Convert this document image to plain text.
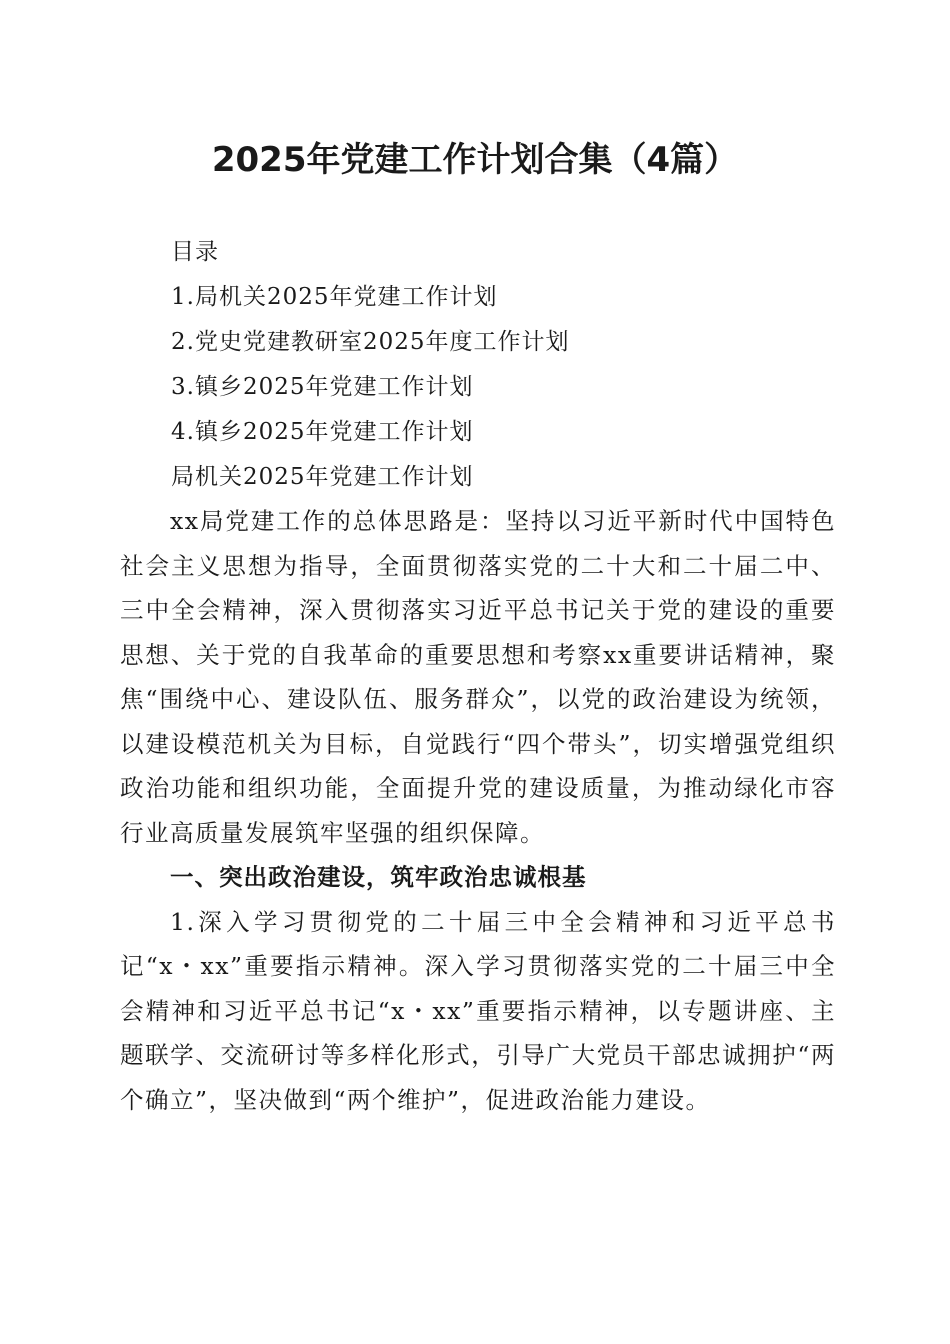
2025年党建工作计划合集（4篇）

目录

1.局机关2025年党建工作计划

2.党史党建教研室2025年度工作计划

3.镇乡2025年党建工作计划

4.镇乡2025年党建工作计划

局机关2025年党建工作计划

xx局党建工作的总体思路是：坚持以习近平新时代中国特色社会主义思想为指导，全面贯彻落实党的二十大和二十届二中、三中全会精神，深入贯彻落实习近平总书记关于党的建设的重要思想、关于党的自我革命的重要思想和考察xx重要讲话精神，聚焦“围绕中心、建设队伍、服务群众”，以党的政治建设为统领，以建设模范机关为目标，自觉践行“四个带头”，切实增强党组织政治功能和组织功能，全面提升党的建设质量，为推动绿化市容行业高质量发展筑牢坚强的组织保障。

一、突出政治建设，筑牢政治忠诚根基

1.深入学习贯彻党的二十届三中全会精神和习近平总书记“x・xx”重要指示精神。深入学习贯彻落实党的二十届三中全会精神和习近平总书记“x・xx”重要指示精神，以专题讲座、主题联学、交流研讨等多样化形式，引导广大党员干部忠诚拥护“两个确立”，坚决做到“两个维护”，促进政治能力建设。
